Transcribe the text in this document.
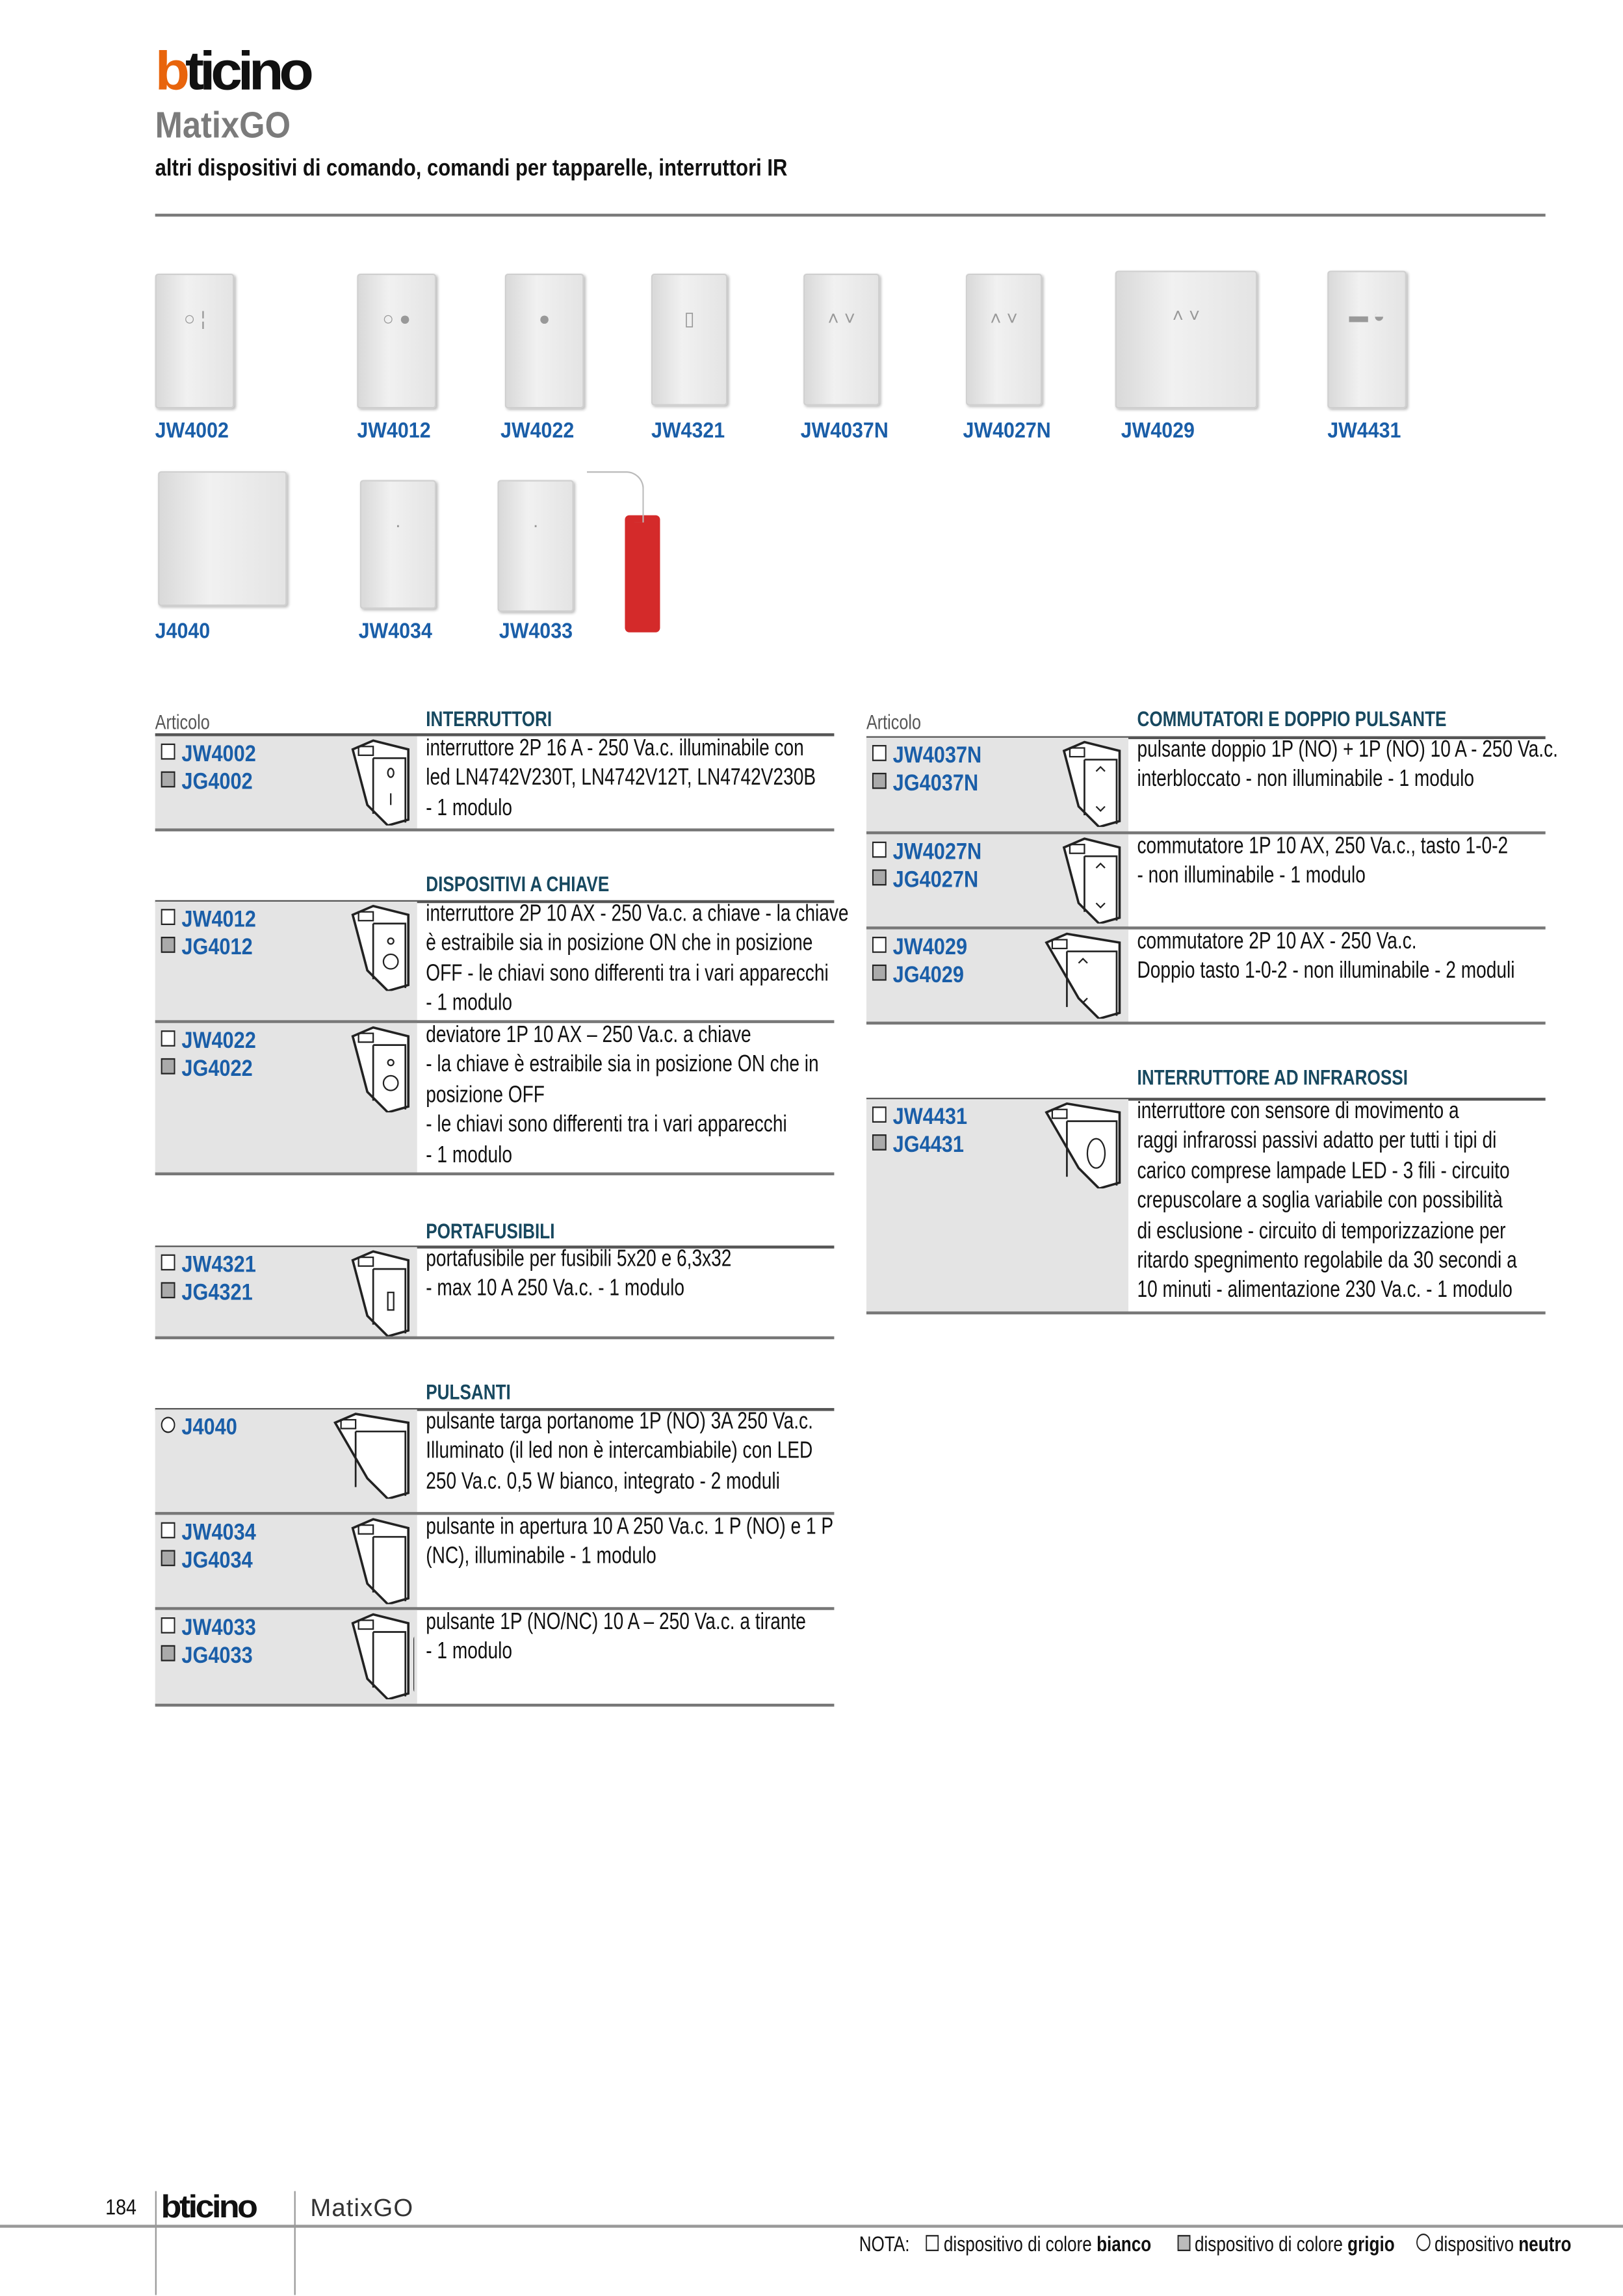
bticino
MatixGO
altri dispositivi di comando, comandi per tapparelle, interruttori IR
○ ¦
JW4002
○ ●
JW4012
●
JW4022
▯
JW4321
˄ ˅
JW4037N
˄ ˅
JW4027N
˄ ˅
JW4029
▬ ◒
JW4431
J4040
·
JW4034
·
JW4033
Articolo	INTERRUTTORI
JW4002
JG4002
interruttore 2P 16 A - 250 Va.c. illuminabile con
led LN4742V230T, LN4742V12T, LN4742V230B
- 1 modulo
DISPOSITIVI A CHIAVE
JW4012
JG4012
interruttore 2P 10 AX - 250 Va.c. a chiave - la chiave
è estraibile sia in posizione ON che in posizione
OFF - le chiavi sono differenti tra i vari apparecchi
- 1 modulo
JW4022
JG4022
deviatore 1P 10 AX – 250 Va.c. a chiave
- la chiave è estraibile sia in posizione ON che in
posizione OFF
- le chiavi sono differenti tra i vari apparecchi
- 1 modulo
PORTAFUSIBILI
JW4321
JG4321
portafusibile per fusibili 5x20 e 6,3x32
- max 10 A 250 Va.c. - 1 modulo
PULSANTI
J4040	pulsante targa portanome 1P (NO) 3A 250 Va.c.
Illuminato (il led non è intercambiabile) con LED
250 Va.c. 0,5 W bianco, integrato - 2 moduli
JW4034
JG4034
pulsante in apertura 10 A 250 Va.c. 1 P (NO) e 1 P
(NC), illuminabile - 1 modulo
JW4033
JG4033
pulsante 1P (NO/NC) 10 A – 250 Va.c. a tirante
- 1 modulo
Articolo	COMMUTATORI E DOPPIO PULSANTE
JW4037N
JG4037N
pulsante doppio 1P (NO) + 1P (NO) 10 A - 250 Va.c.
interbloccato - non illuminabile - 1 modulo
JW4027N
JG4027N
commutatore 1P 10 AX, 250 Va.c., tasto 1-0-2
- non illuminabile - 1 modulo
JW4029
JG4029
commutatore 2P 10 AX - 250 Va.c.
Doppio tasto 1-0-2 - non illuminabile - 2 moduli
INTERRUTTORE AD INFRAROSSI
JW4431
JG4431
interruttore con sensore di movimento a
raggi infrarossi passivi adatto per tutti i tipi di
carico comprese lampade LED - 3 fili - circuito
crepuscolare a soglia variabile con possibilità
di esclusione - circuito di temporizzazione per
ritardo spegnimento regolabile da 30 secondi a
10 minuti - alimentazione 230 Va.c. - 1 modulo
184 bticino	MatixGO
NOTA:	dispositivo di colore bianco	dispositivo di colore grigio	dispositivo neutro
